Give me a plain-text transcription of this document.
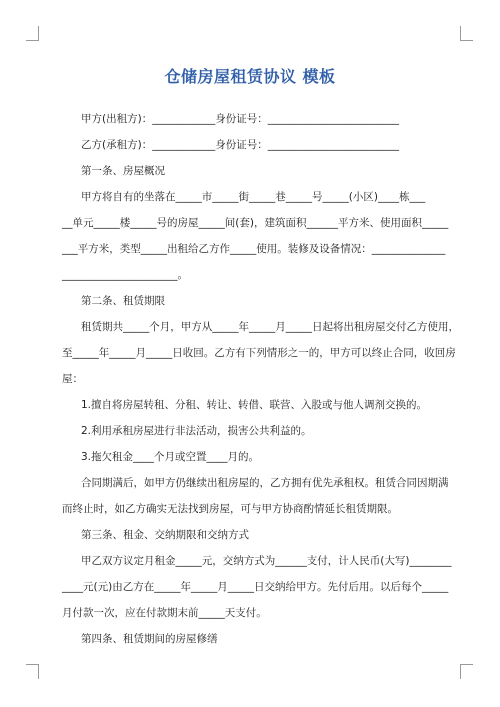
仓储房屋租赁协议 模板
甲方(出租方)：____________身份证号：_________________________
乙方(承租方)：____________身份证号：_________________________
第一条、房屋概况
甲方将自有的坐落在_____市_____街_____巷_____号_____(小区)____栋___
__单元_____楼_____号的房屋_____间(套)，建筑面积______平方米、使用面积_____
___平方米，类型_____出租给乙方作_____使用。装修及设备情况：______________
______________________。
第二条、租赁期限
租赁期共_____个月，甲方从_____年_____月_____日起将出租房屋交付乙方使用，
至_____年_____月_____日收回。乙方有下列情形之一的，甲方可以终止合同，收回房
屋：
1.擅自将房屋转租、分租、转让、转借、联营、入股或与他人调剂交换的。
2.利用承租房屋进行非法活动，损害公共利益的。
3.拖欠租金____个月或空置____月的。
合同期满后，如甲方仍继续出租房屋的，乙方拥有优先承租权。租赁合同因期满
而终止时，如乙方确实无法找到房屋，可与甲方协商酌情延长租赁期限。
第三条、租金、交纳期限和交纳方式
甲乙双方议定月租金_____元，交纳方式为______支付，计人民币(大写)________
____元(元)由乙方在_____年_____月_____日交纳给甲方。先付后用。以后每个_____
月付款一次，应在付款期末前_____天支付。
第四条、租赁期间的房屋修缮
